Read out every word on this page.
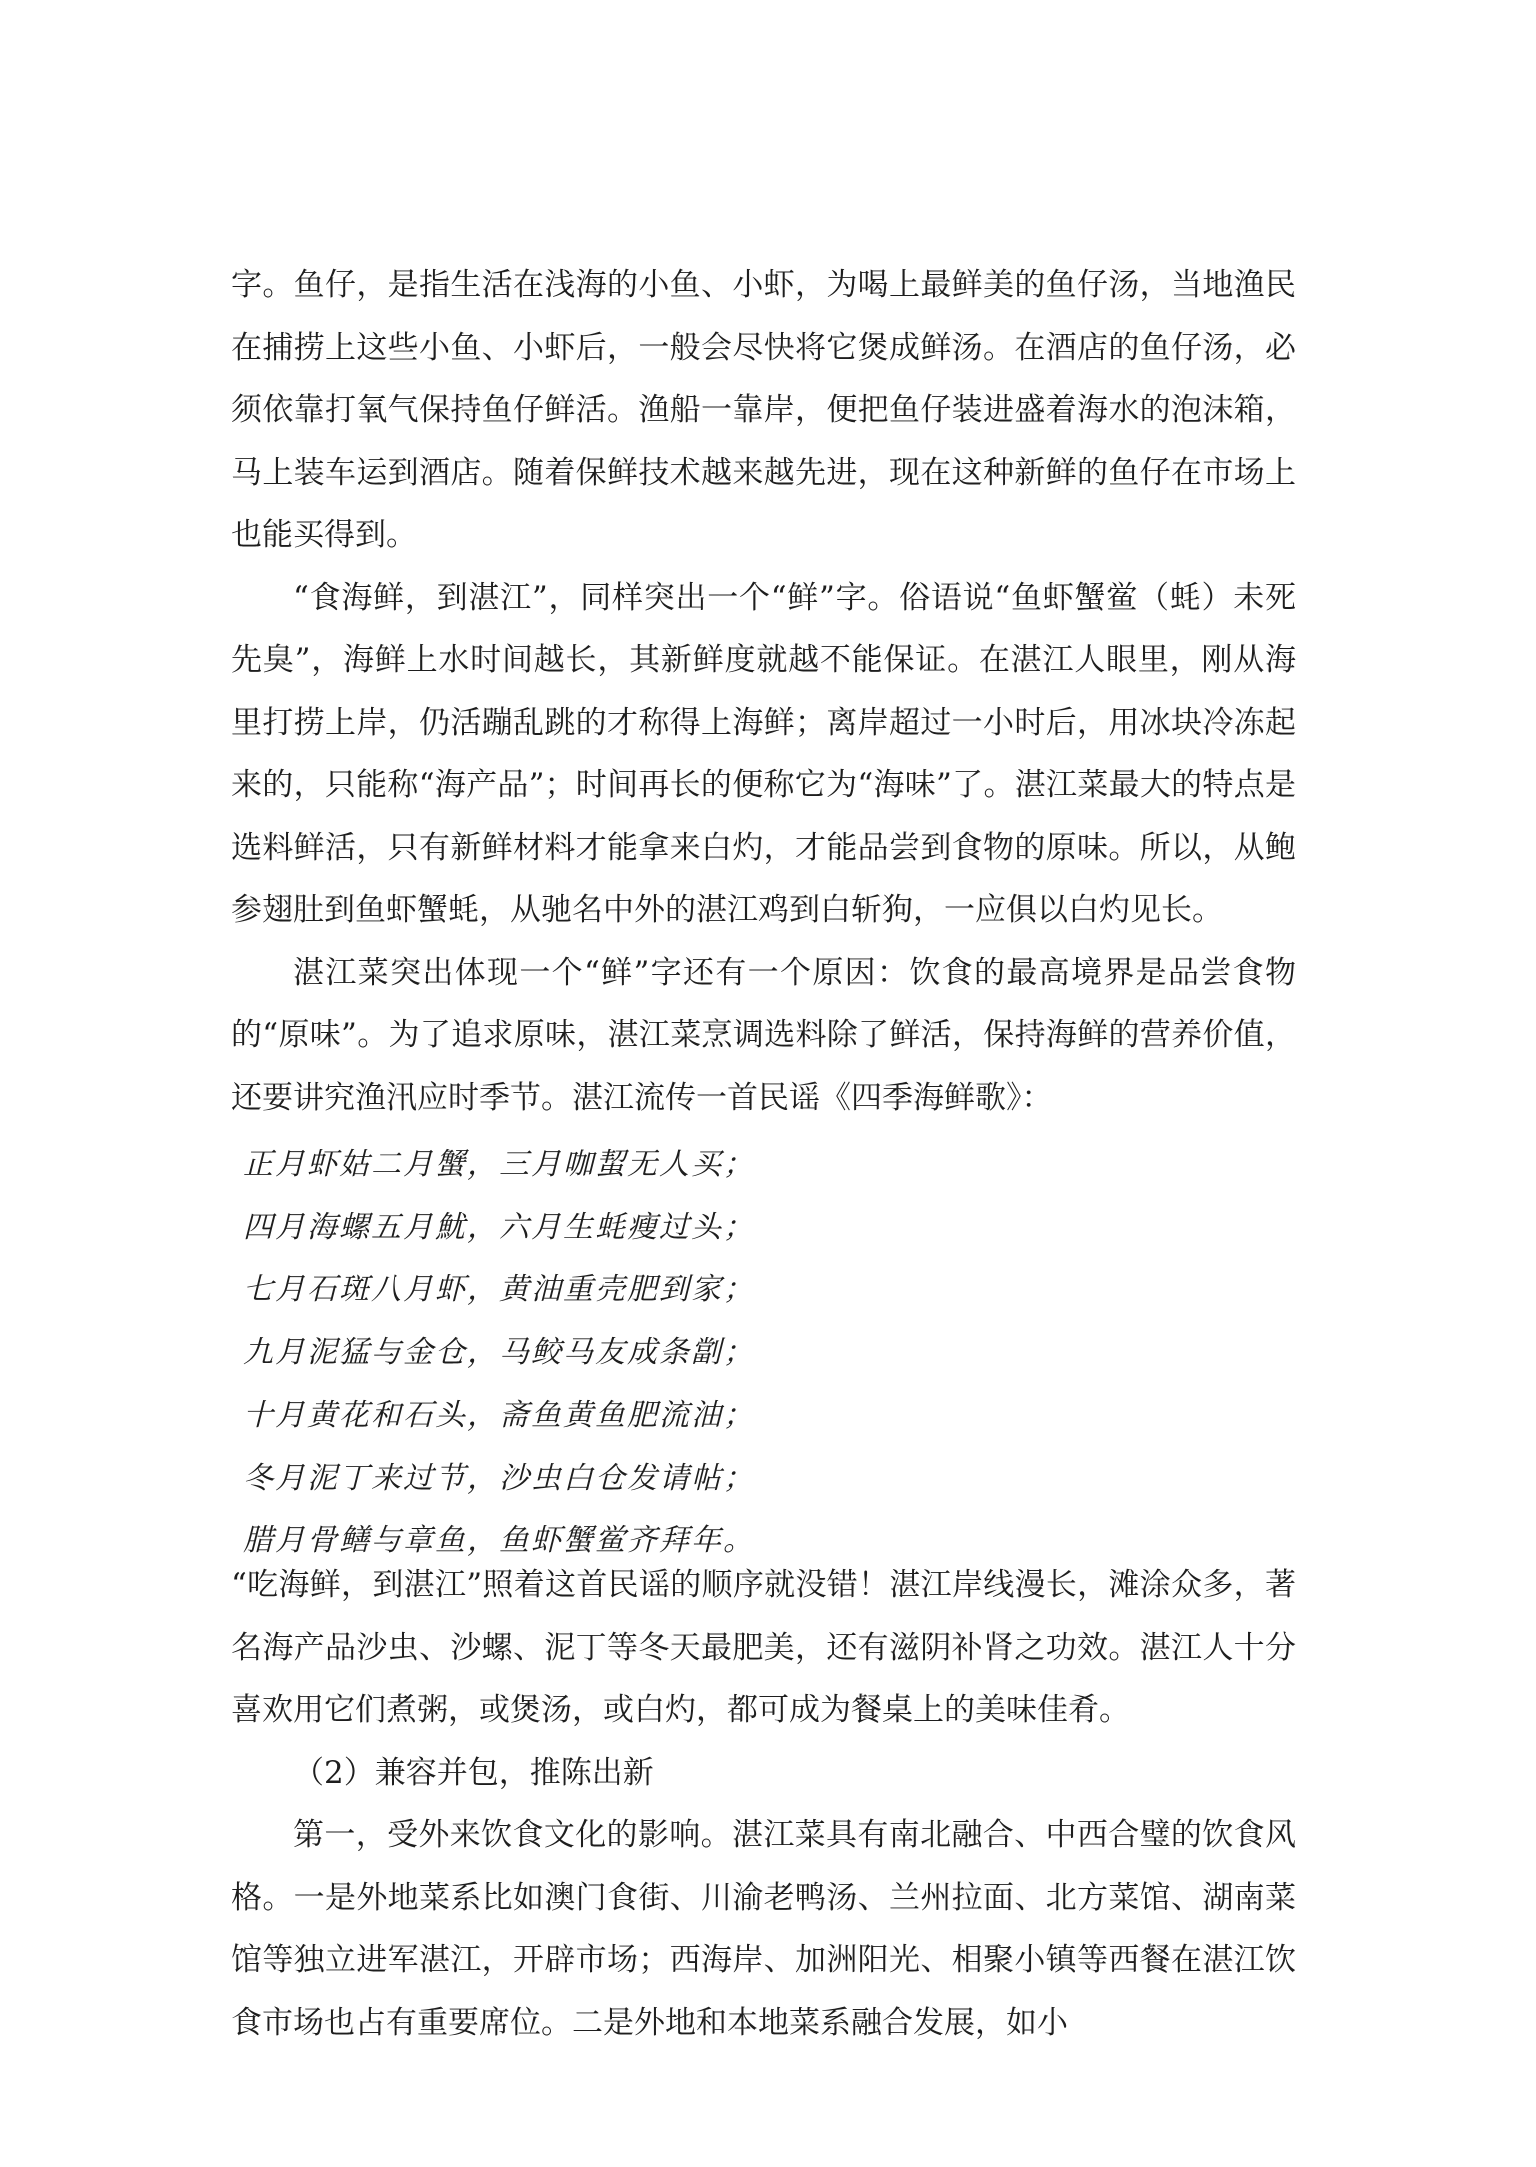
字。鱼仔，是指生活在浅海的小鱼、小虾，为喝上最鲜美的鱼仔汤，当地渔民在捕捞上这些小鱼、小虾后，一般会尽快将它煲成鲜汤。在酒店的鱼仔汤，必须依靠打氧气保持鱼仔鲜活。渔船一靠岸，便把鱼仔装进盛着海水的泡沫箱，马上装车运到酒店。随着保鲜技术越来越先进，现在这种新鲜的鱼仔在市场上也能买得到。

“食海鲜，到湛江”，同样突出一个“鲜”字。俗语说“鱼虾蟹鲎（蚝）未死先臭”，海鲜上水时间越长，其新鲜度就越不能保证。在湛江人眼里，刚从海里打捞上岸，仍活蹦乱跳的才称得上海鲜；离岸超过一小时后，用冰块冷冻起来的，只能称“海产品”；时间再长的便称它为“海味”了。湛江菜最大的特点是选料鲜活，只有新鲜材料才能拿来白灼，才能品尝到食物的原味。所以，从鲍参翅肚到鱼虾蟹蚝，从驰名中外的湛江鸡到白斩狗，一应俱以白灼见长。

湛江菜突出体现一个“鲜”字还有一个原因：饮食的最高境界是品尝食物的“原味”。为了追求原味，湛江菜烹调选料除了鲜活，保持海鲜的营养价值，还要讲究渔汛应时季节。湛江流传一首民谣《四季海鲜歌》：

正月虾姑二月蟹，三月咖蛪无人买；
四月海螺五月魷，六月生蚝瘦过头；
七月石斑八月虾，黄油重壳肥到家；
九月泥猛与金仓，马鲛马友成条劏；
十月黄花和石头，斋鱼黄鱼肥流油；
冬月泥丁来过节，沙虫白仓发请帖；
腊月骨鳝与章鱼，鱼虾蟹鲎齐拜年。

“吃海鲜，到湛江”照着这首民谣的顺序就没错！湛江岸线漫长，滩涂众多，著名海产品沙虫、沙螺、泥丁等冬天最肥美，还有滋阴补肾之功效。湛江人十分喜欢用它们煮粥，或煲汤，或白灼，都可成为餐桌上的美味佳肴。

（2）兼容并包，推陈出新

第一，受外来饮食文化的影响。湛江菜具有南北融合、中西合璧的饮食风格。一是外地菜系比如澳门食街、川渝老鸭汤、兰州拉面、北方菜馆、湖南菜馆等独立进军湛江，开辟市场；西海岸、加洲阳光、相聚小镇等西餐在湛江饮食市场也占有重要席位。二是外地和本地菜系融合发展，如小
